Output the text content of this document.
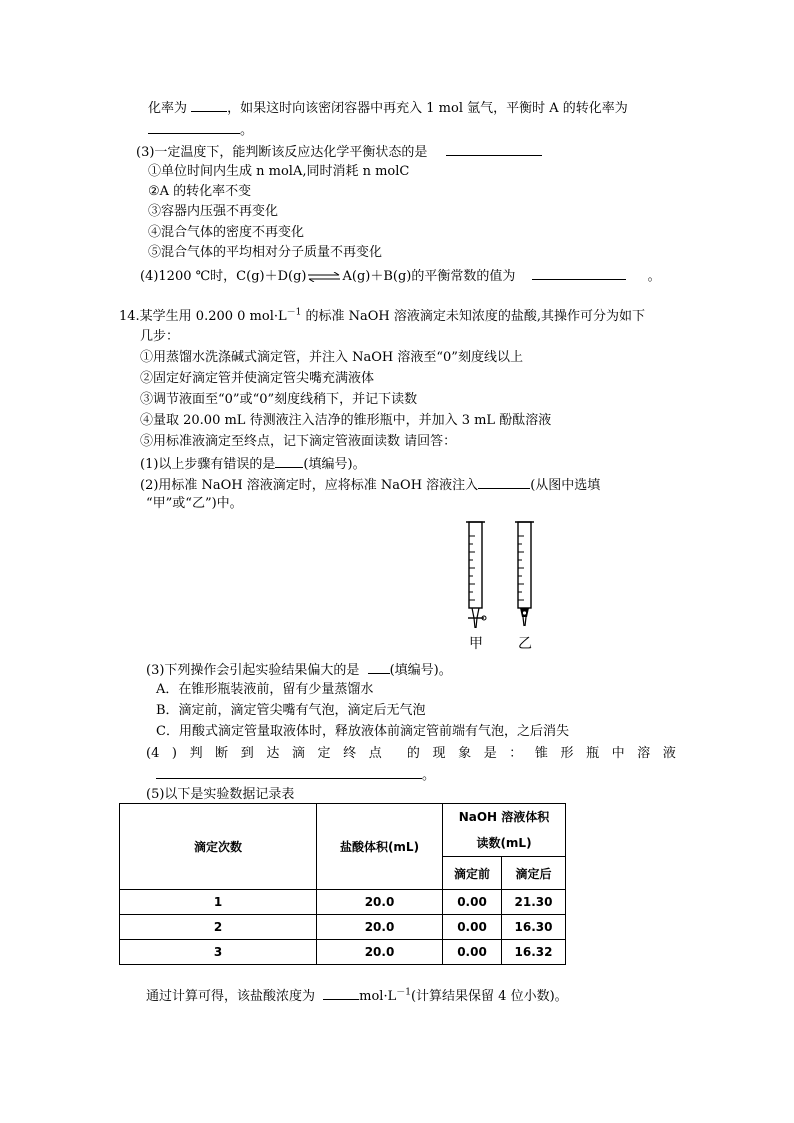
化率为	，如果这时向该密闭容器中再充入 1 mol 氩气，平衡时 A 的转化率为
。
(3)一定温度下，能判断该反应达化学平衡状态的是
①单位时间内生成 n molA,同时消耗 n molC
②A 的转化率不变
③容器内压强不再变化
④混合气体的密度不再变化
⑤混合气体的平均相对分子质量不再变化
(4)1200 ℃时，C(g)＋D(g)⇌A(g)＋B(g)的平衡常数的值为	。
14.某学生用 0.200 0 $mol\cdot L^{-1}$ 的标准 NaOH 溶液滴定未知浓度的盐酸,其操作可分为如下
几步：
①用蒸馏水洗涤碱式滴定管，并注入 NaOH 溶液至“0”刻度线以上
②固定好滴定管并使滴定管尖嘴充满液体
③调节液面至“0”或“0”刻度线稍下，并记下读数
④量取 20.00 mL 待测液注入洁净的锥形瓶中，并加入 3 mL 酚酞溶液
⑤用标准液滴定至终点，记下滴定管液面读数 请回答：
(1)以上步骤有错误的是 (填编号)。
(2)用标准 NaOH 溶液滴定时，应将标准 NaOH 溶液注入	(从图中选填
“甲”或“乙”)中。
甲	乙
(3)下列操作会引起实验结果偏大的是 (填编号)。
A．在锥形瓶装液前，留有少量蒸馏水
B．滴定前，滴定管尖嘴有气泡，滴定后无气泡
C．用酸式滴定管量取液体时，释放液体前滴定管前端有气泡，之后消失
(4 ) 判 断 到 达 滴 定 终 点 的 现 象 是 ： 锥 形 瓶 中 溶 液
。
(5)以下是实验数据记录表
滴定次数	盐酸体积(mL)	NaOH 溶液体积
读数(mL)	

		滴定前	滴定后
1	20.0	0.00	21.30
2	20.0	0.00	16.30
3	20.0	0.00	16.32
通过计算可得，该盐酸浓度为	$mol\cdot L^{-1}$(计算结果保留 4 位小数)。
